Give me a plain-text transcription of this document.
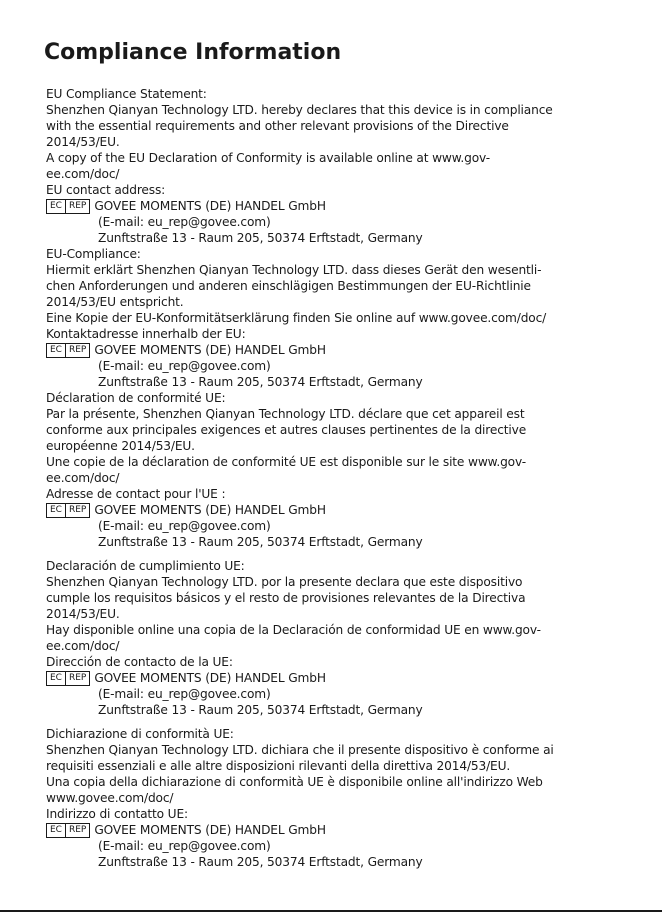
Compliance Information
EU Compliance Statement:
Shenzhen Qianyan Technology LTD. hereby declares that this device is in compliance
with the essential requirements and other relevant provisions of the Directive
2014/53/EU.
A copy of the EU Declaration of Conformity is available online at www.gov-
ee.com/doc/
EU contact address:
EC REP GOVEE MOMENTS (DE) HANDEL GmbH
(E-mail: eu_rep@govee.com)
Zunftstraße 13 - Raum 205, 50374 Erftstadt, Germany
EU-Compliance:
Hiermit erklärt Shenzhen Qianyan Technology LTD. dass dieses Gerät den wesentli-
chen Anforderungen und anderen einschlägigen Bestimmungen der EU-Richtlinie
2014/53/EU entspricht.
Eine Kopie der EU-Konformitätserklärung finden Sie online auf www.govee.com/doc/
Kontaktadresse innerhalb der EU:
EC REP GOVEE MOMENTS (DE) HANDEL GmbH
(E-mail: eu_rep@govee.com)
Zunftstraße 13 - Raum 205, 50374 Erftstadt, Germany
Déclaration de conformité UE:
Par la présente, Shenzhen Qianyan Technology LTD. déclare que cet appareil est
conforme aux principales exigences et autres clauses pertinentes de la directive
européenne 2014/53/EU.
Une copie de la déclaration de conformité UE est disponible sur le site www.gov-
ee.com/doc/
Adresse de contact pour l'UE :
EC REP GOVEE MOMENTS (DE) HANDEL GmbH
(E-mail: eu_rep@govee.com)
Zunftstraße 13 - Raum 205, 50374 Erftstadt, Germany
Declaración de cumplimiento UE:
Shenzhen Qianyan Technology LTD. por la presente declara que este dispositivo
cumple los requisitos básicos y el resto de provisiones relevantes de la Directiva
2014/53/EU.
Hay disponible online una copia de la Declaración de conformidad UE en www.gov-
ee.com/doc/
Dirección de contacto de la UE:
EC REP GOVEE MOMENTS (DE) HANDEL GmbH
(E-mail: eu_rep@govee.com)
Zunftstraße 13 - Raum 205, 50374 Erftstadt, Germany
Dichiarazione di conformità UE:
Shenzhen Qianyan Technology LTD. dichiara che il presente dispositivo è conforme ai
requisiti essenziali e alle altre disposizioni rilevanti della direttiva 2014/53/EU.
Una copia della dichiarazione di conformità UE è disponibile online all'indirizzo Web
www.govee.com/doc/
Indirizzo di contatto UE:
EC REP GOVEE MOMENTS (DE) HANDEL GmbH
(E-mail: eu_rep@govee.com)
Zunftstraße 13 - Raum 205, 50374 Erftstadt, Germany
